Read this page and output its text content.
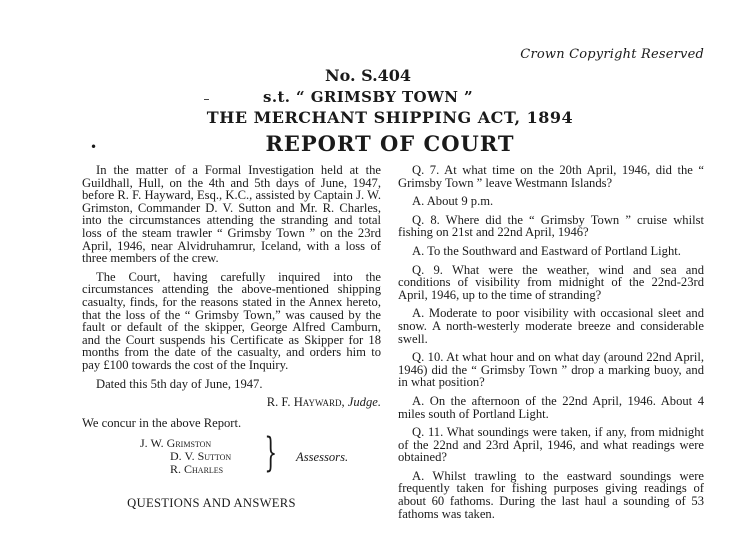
Crown Copyright Reserved
No. S.404
s.t. “ GRIMSBY TOWN ”
THE MERCHANT SHIPPING ACT, 1894
•	REPORT OF COURT

In the matter of a Formal Investigation held at the Guildhall, Hull, on the 4th and 5th days of June, 1947, before R. F. Hayward, Esq., K.C., assisted by Captain J. W. Grimston, Commander D. V. Sutton and Mr. R. Charles, into the circumstances attending the stranding and total loss of the steam trawler “ Grimsby Town ” on the 23rd April, 1946, near Alvidruhamrur, Iceland, with a loss of three members of the crew.

The Court, having carefully inquired into the circumstances attending the above-mentioned shipping casualty, finds, for the reasons stated in the Annex hereto, that the loss of the “ Grimsby Town,” was caused by the fault or default of the skipper, George Alfred Camburn, and the Court suspends his Certificate as Skipper for 18 months from the date of the casualty, and orders him to pay £100 towards the cost of the Inquiry.

Dated this 5th day of June, 1947.

R. F. Hayward, Judge.

We concur in the above Report.

J. W. Grimston
D. V. Sutton
R. Charles } Assessors.

QUESTIONS AND ANSWERS

Q. 7. At what time on the 20th April, 1946, did the “ Grimsby Town ” leave Westmann Islands?

A. About 9 p.m.

Q. 8. Where did the “ Grimsby Town ” cruise whilst fishing on 21st and 22nd April, 1946?

A. To the Southward and Eastward of Portland Light.

Q. 9. What were the weather, wind and sea and conditions of visibility from midnight of the 22nd-23rd April, 1946, up to the time of stranding?

A. Moderate to poor visibility with occasional sleet and snow. A north-westerly moderate breeze and considerable swell.

Q. 10. At what hour and on what day (around 22nd April, 1946) did the “ Grimsby Town ” drop a marking buoy, and in what position?

A. On the afternoon of the 22nd April, 1946. About 4 miles south of Portland Light.

Q. 11. What soundings were taken, if any, from midnight of the 22nd and 23rd April, 1946, and what readings were obtained?

A. Whilst trawling to the eastward soundings were frequently taken for fishing purposes giving readings of about 60 fathoms. During the last haul a sounding of 53 fathoms was taken.
